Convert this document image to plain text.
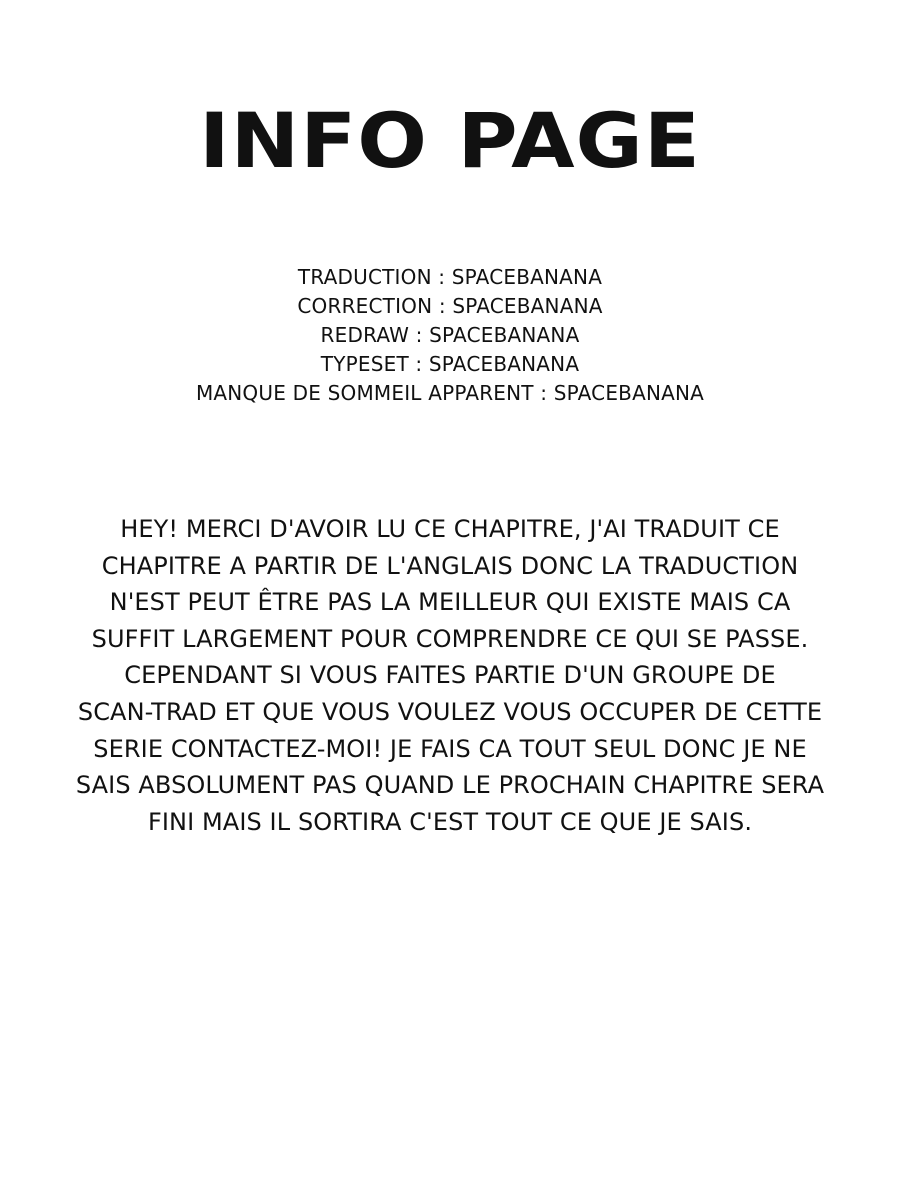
INFO PAGE
TRADUCTION : SPACEBANANA
CORRECTION : SPACEBANANA
REDRAW : SPACEBANANA
TYPESET : SPACEBANANA
MANQUE DE SOMMEIL APPARENT : SPACEBANANA
HEY! MERCI D'AVOIR LU CE CHAPITRE, J'AI TRADUIT CE
CHAPITRE A PARTIR DE L'ANGLAIS DONC LA TRADUCTION
N'EST PEUT ÊTRE PAS LA MEILLEUR QUI EXISTE MAIS CA
SUFFIT LARGEMENT POUR COMPRENDRE CE QUI SE PASSE.
CEPENDANT SI VOUS FAITES PARTIE D'UN GROUPE DE
SCAN-TRAD ET QUE VOUS VOULEZ VOUS OCCUPER DE CETTE
SERIE CONTACTEZ-MOI! JE FAIS CA TOUT SEUL DONC JE NE
SAIS ABSOLUMENT PAS QUAND LE PROCHAIN CHAPITRE SERA
FINI MAIS IL SORTIRA C'EST TOUT CE QUE JE SAIS.
